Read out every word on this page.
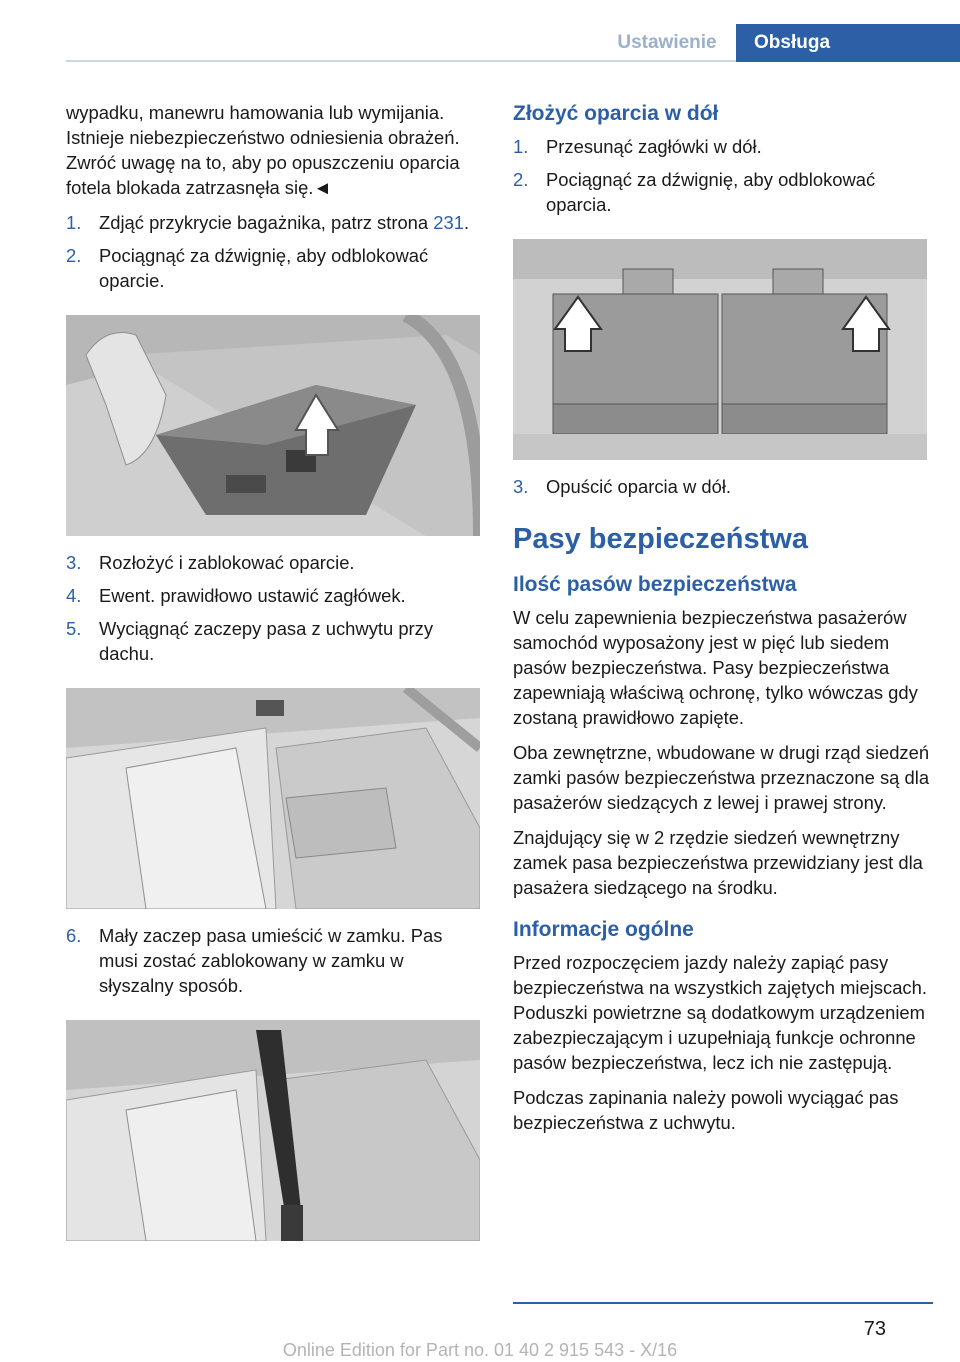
Ustawienie	Obsługa

wypadku, manewru hamowania lub wymijania. Istnieje niebezpieczeństwo odniesienia obrażeń. Zwróć uwagę na to, aby po opuszczeniu oparcia fotela blokada zatrzasnęła się.◄

1. Zdjąć przykrycie bagażnika, patrz strona 231.
2. Pociągnąć za dźwignię, aby odblokować oparcie.
3. Rozłożyć i zablokować oparcie.
4. Ewent. prawidłowo ustawić zagłówek.
5. Wyciągnąć zaczepy pasa z uchwytu przy dachu.
6. Mały zaczep pasa umieścić w zamku. Pas musi zostać zablokowany w zamku w słyszalny sposób.
Złożyć oparcia w dół
1. Przesunąć zagłówki w dół.
2. Pociągnąć za dźwignię, aby odblokować oparcia.
3. Opuścić oparcia w dół.
Pasy bezpieczeństwa
Ilość pasów bezpieczeństwa

W celu zapewnienia bezpieczeństwa pasażerów samochód wyposażony jest w pięć lub siedem pasów bezpieczeństwa. Pasy bezpieczeństwa zapewniają właściwą ochronę, tylko wówczas gdy zostaną prawidłowo zapięte.

Oba zewnętrzne, wbudowane w drugi rząd siedzeń zamki pasów bezpieczeństwa przeznaczone są dla pasażerów siedzących z lewej i prawej strony.

Znajdujący się w 2 rzędzie siedzeń wewnętrzny zamek pasa bezpieczeństwa przewidziany jest dla pasażera siedzącego na środku.

Informacje ogólne

Przed rozpoczęciem jazdy należy zapiąć pasy bezpieczeństwa na wszystkich zajętych miejscach. Poduszki powietrzne są dodatkowym urządzeniem zabezpieczającym i uzupełniają funkcje ochronne pasów bezpieczeństwa, lecz ich nie zastępują.

Podczas zapinania należy powoli wyciągać pas bezpieczeństwa z uchwytu.

73
Online Edition for Part no. 01 40 2 915 543 - X/16
